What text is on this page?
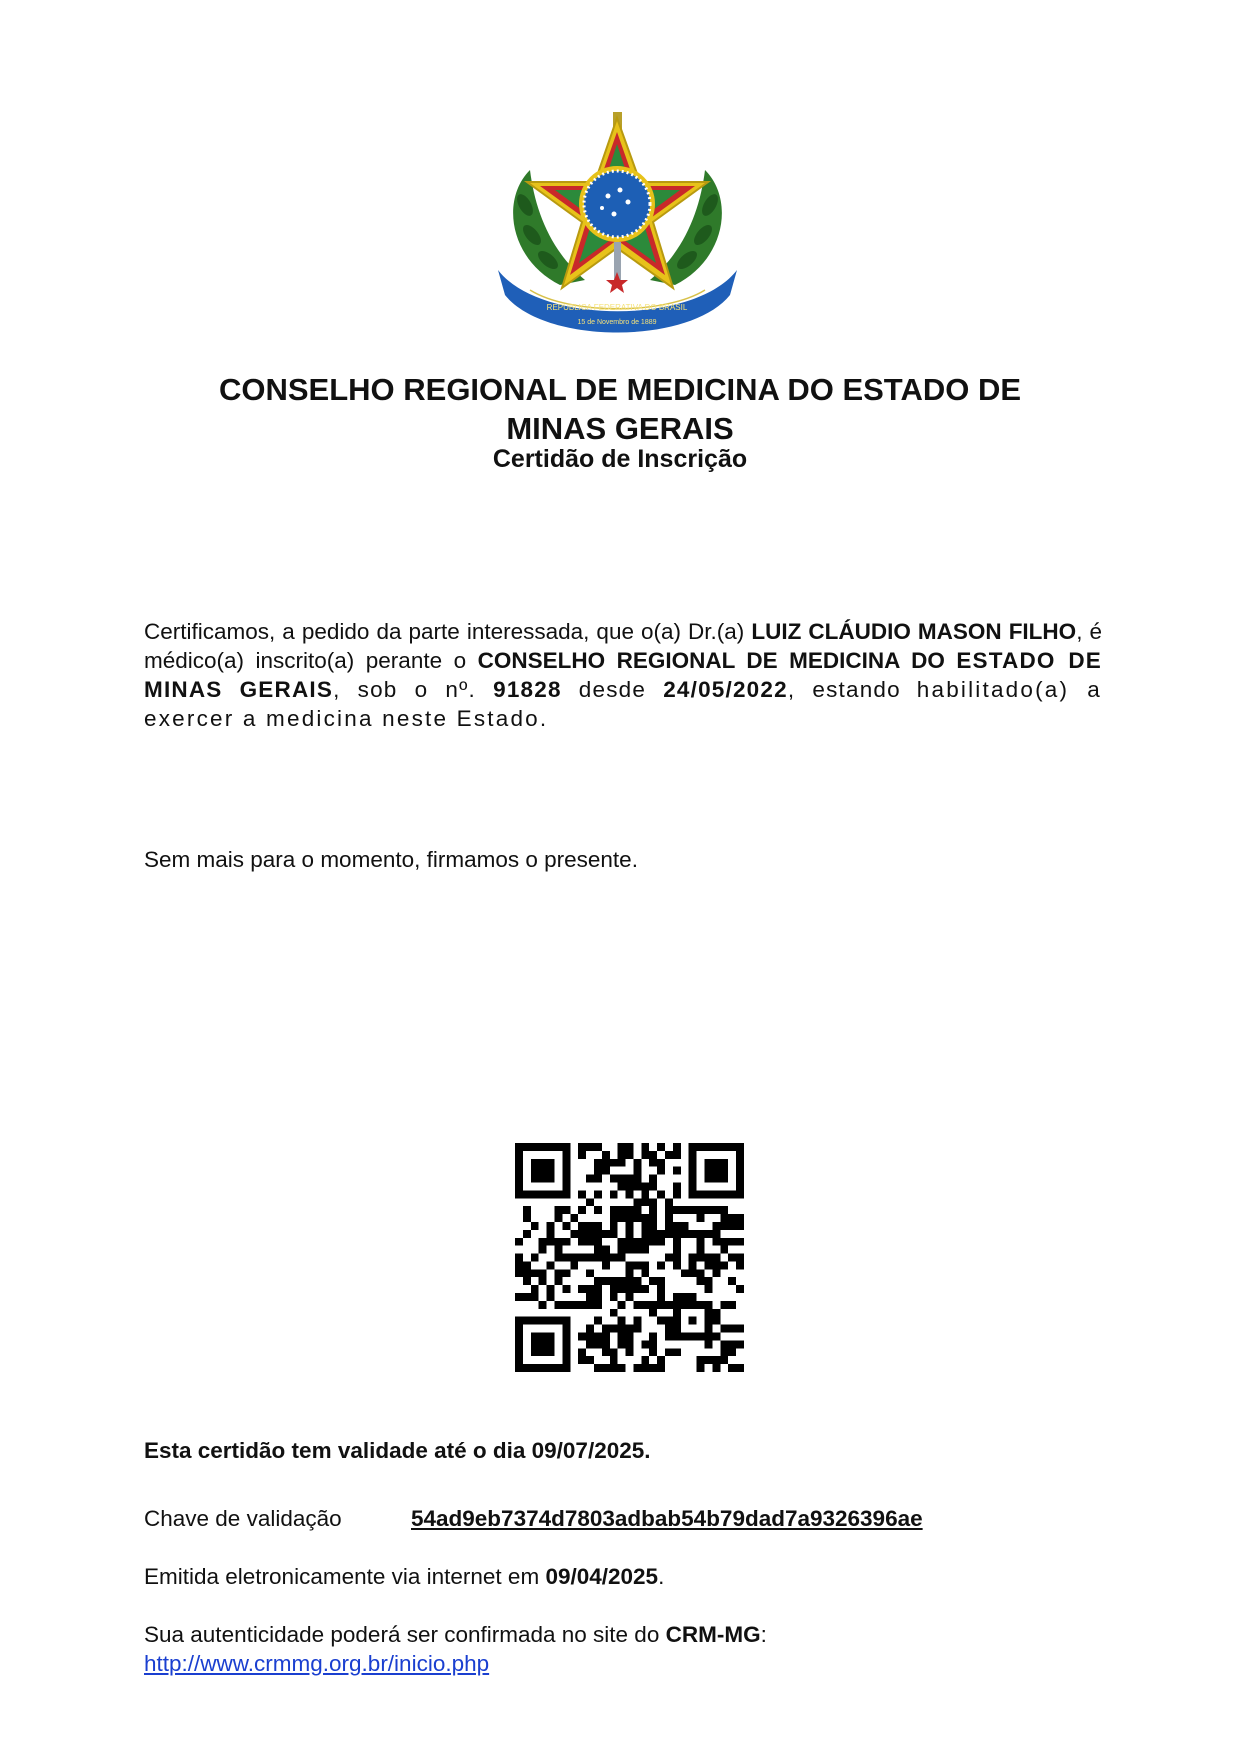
REPUBLICA FEDERATIVA DO BRASIL
15 de Novembro de 1889
CONSELHO REGIONAL DE MEDICINA DO ESTADO DE
MINAS GERAIS
Certidão de Inscrição

Certificamos, a pedido da parte interessada, que o(a) Dr.(a) LUIZ CLÁUDIO MASON FILHO, é médico(a) inscrito(a) perante o CONSELHO REGIONAL DE MEDICINA DO ESTADO DE MINAS GERAIS, sob o nº. 91828 desde 24/05/2022, estando habilitado(a) a exercer a medicina neste Estado.

Sem mais para o momento, firmamos o presente.

Esta certidão tem validade até o dia 09/07/2025.

Chave de validação	54ad9eb7374d7803adbab54b79dad7a9326396ae

Emitida eletronicamente via internet em 09/04/2025.

Sua autenticidade poderá ser confirmada no site do CRM-MG:
http://www.crmmg.org.br/inicio.php
